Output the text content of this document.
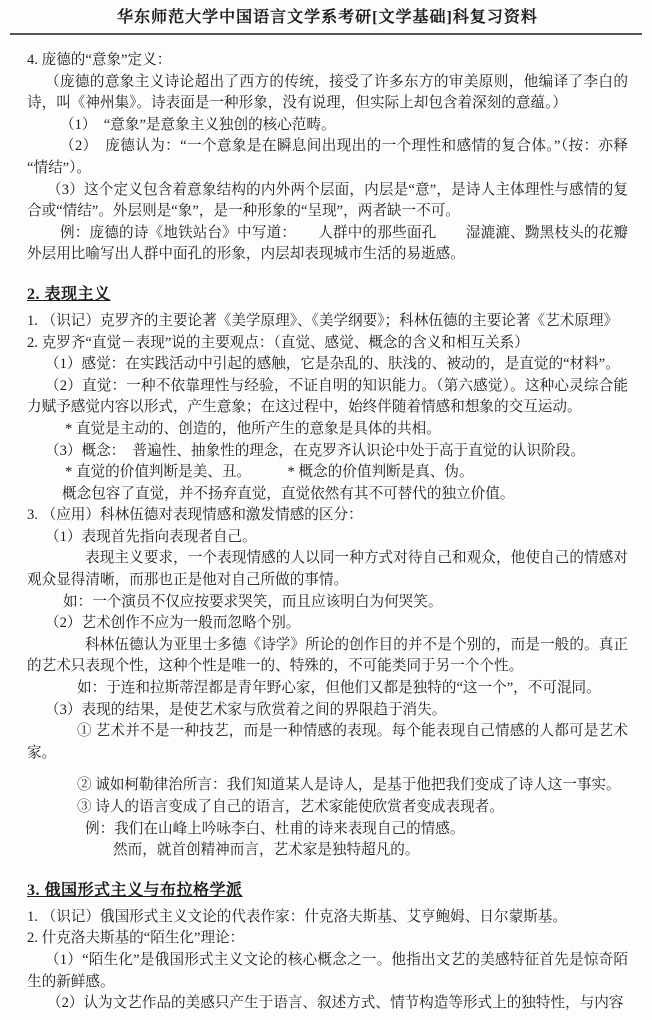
华东师范大学中国语言文学系考研[文学基础]科复习资料

4. 庞德的“意象”定义：

（庞德的意象主义诗论超出了西方的传统，接受了许多东方的审美原则，他编译了李白的诗，叫《神州集》。诗表面是一种形象，没有说理，但实际上却包含着深刻的意蕴。）

（1）　“意象”是意象主义独创的核心范畴。

（2）　庞德认为：“一个意象是在瞬息间出现出的一个理性和感情的复合体。”（按：亦释“情结”）。

（3）这个定义包含着意象结构的内外两个层面，内层是“意”，是诗人主体理性与感情的复合或“情结”。外层则是“象”，是一种形象的“呈现”，两者缺一不可。

例：庞德的诗《地铁站台》中写道：　　人群中的那些面孔　　湿漉漉、黝黑枝头的花瓣外层用比喻写出人群中面孔的形象，内层却表现城市生活的易逝感。

2. 表现主义

1. （识记）克罗齐的主要论著《美学原理》、《美学纲要》；科林伍德的主要论著《艺术原理》

2. 克罗齐“直觉－表现”说的主要观点：（直觉、感觉、概念的含义和相互关系）

（1）感觉：在实践活动中引起的感触，它是杂乱的、肤浅的、被动的，是直觉的“材料”。

（2）直觉：一种不依靠理性与经验，不证自明的知识能力。（第六感觉）。这种心灵综合能力赋予感觉内容以形式，产生意象；在这过程中，始终伴随着情感和想象的交互运动。

* 直觉是主动的、创造的，他所产生的意象是具体的共相。

（3）概念：　普遍性、抽象性的理念，在克罗齐认识论中处于高于直觉的认识阶段。

* 直觉的价值判断是美、丑。　　　* 概念的价值判断是真、伪。

概念包容了直觉，并不扬弃直觉，直觉依然有其不可替代的独立价值。

3. （应用）科林伍德对表现情感和激发情感的区分：

（1）表现首先指向表现者自己。

表现主义要求，一个表现情感的人以同一种方式对待自己和观众，他使自己的情感对观众显得清晰，而那也正是他对自己所做的事情。

如：一个演员不仅应按要求哭笑，而且应该明白为何哭笑。

（2）艺术创作不应为一般而忽略个别。

科林伍德认为亚里士多德《诗学》所论的创作目的并不是个别的，而是一般的。真正的艺术只表现个性，这种个性是唯一的、特殊的，不可能类同于另一个个性。

如：于连和拉斯蒂涅都是青年野心家，但他们又都是独特的“这一个”，不可混同。

（3）表现的结果，是使艺术家与欣赏着之间的界限趋于消失。

① 艺术并不是一种技艺，而是一种情感的表现。每个能表现自己情感的人都可是艺术家。

② 诚如柯勒律治所言：我们知道某人是诗人，是基于他把我们变成了诗人这一事实。

③ 诗人的语言变成了自己的语言，艺术家能使欣赏者变成表现者。

例：我们在山峰上吟咏李白、杜甫的诗来表现自己的情感。

然而，就首创精神而言，艺术家是独特超凡的。

3. 俄国形式主义与布拉格学派

1. （识记）俄国形式主义文论的代表作家：什克洛夫斯基、艾亨鲍姆、日尔蒙斯基。

2. 什克洛夫斯基的“陌生化”理论：

（1）“陌生化”是俄国形式主义文论的核心概念之一。他指出文艺的美感特征首先是惊奇陌生的新鲜感。

（2）认为文艺作品的美感只产生于语言、叙述方式、情节构造等形式上的独特性，与内容
